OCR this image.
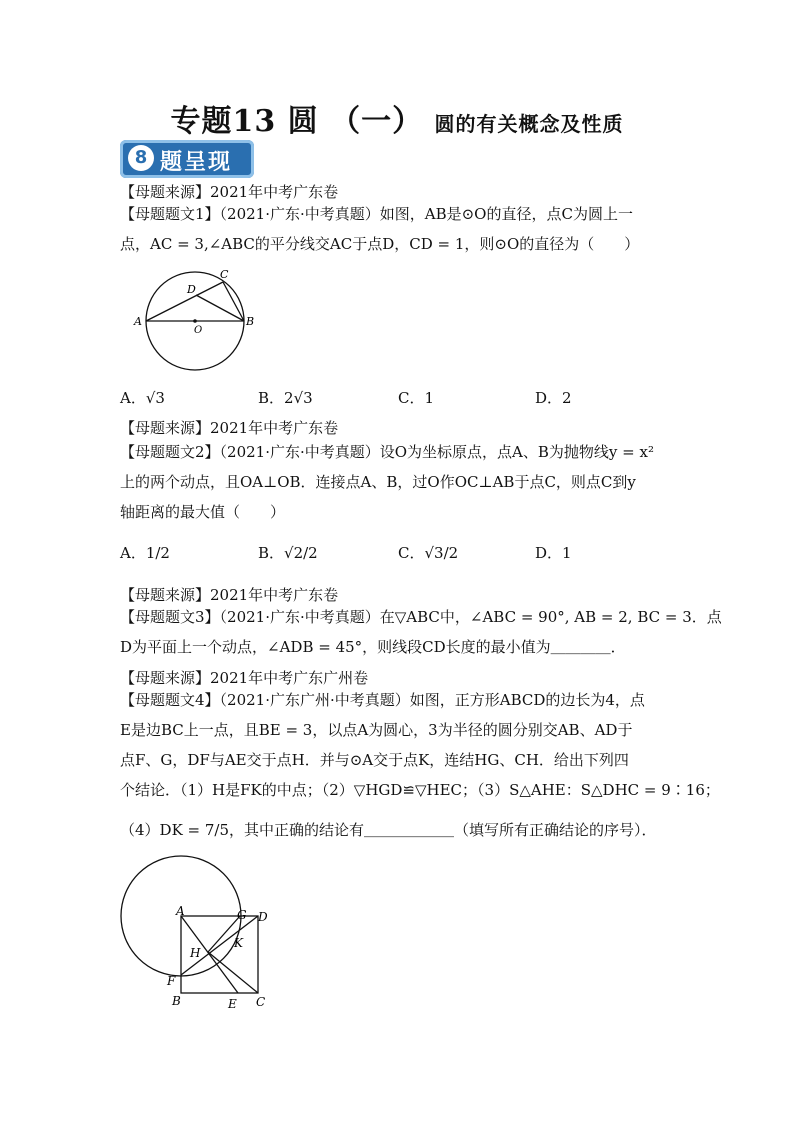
专题13 圆 （一） 圆的有关概念及性质
8 题呈现
【母题来源】2021年中考广东卷
【母题题文1】（2021·广东·中考真题）如图，AB是⊙O的直径，点C为圆上一
点，AC = 3,∠ABC的平分线交AC于点D，CD = 1，则⊙O的直径为（　　）
A	B
C
D
O
A．√3	B．2√3	C．1	D．2
【母题来源】2021年中考广东卷
【母题题文2】（2021·广东·中考真题）设O为坐标原点，点A、B为抛物线y = x²
上的两个动点，且OA⊥OB．连接点A、B，过O作OC⊥AB于点C，则点C到y
轴距离的最大值（　　）
A．1/2	B．√2/2	C．√3/2	D．1
【母题来源】2021年中考广东卷
【母题题文3】（2021·广东·中考真题）在▽ABC中，∠ABC = 90°, AB = 2, BC = 3．点
D为平面上一个动点，∠ADB = 45°，则线段CD长度的最小值为＿＿＿＿．
【母题来源】2021年中考广东广州卷
【母题题文4】（2021·广东广州·中考真题）如图，正方形ABCD的边长为4，点
E是边BC上一点，且BE = 3，以点A为圆心，3为半径的圆分别交AB、AD于
点F、G，DF与AE交于点H．并与⊙A交于点K，连结HG、CH．给出下列四
个结论．（1）H是FK的中点；（2）▽HGD≌▽HEC；（3）S△AHE：S△DHC = 9∶16；
（4）DK = 7/5，其中正确的结论有＿＿＿＿＿＿（填写所有正确结论的序号）．
A	G D
K
H
F
B	E C
